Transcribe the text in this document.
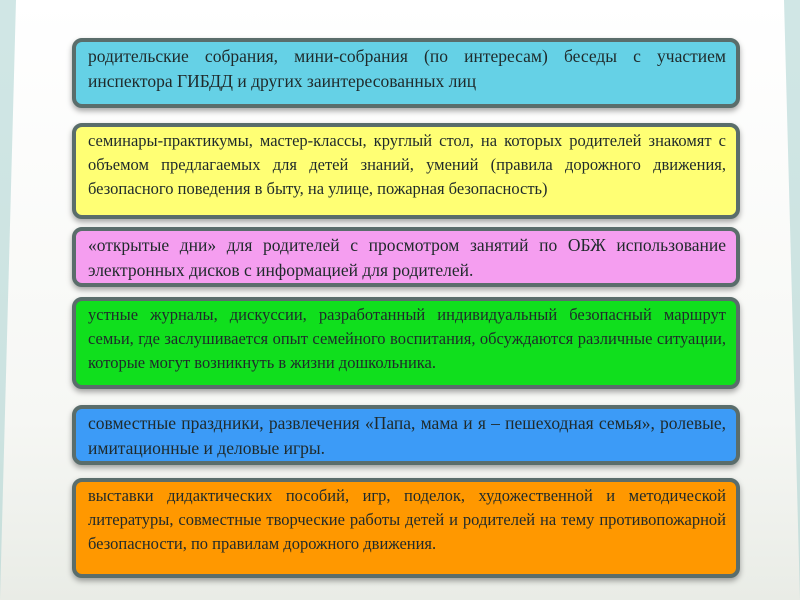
родительские собрания, мини-собрания (по интересам) беседы с участием инспектора ГИБДД и других заинтересованных лиц
семинары-практикумы, мастер-классы, круглый стол, на которых родителей знакомят с объемом предлагаемых для детей знаний, умений (правила дорожного движения, безопасного поведения в быту, на улице, пожарная безопасность)
«открытые дни» для родителей с просмотром занятий по ОБЖ использование электронных дисков с информацией для родителей.
устные журналы, дискуссии, разработанный индивидуальный безопасный маршрут семьи, где заслушивается опыт семейного воспитания, обсуждаются различные ситуации, которые могут возникнуть в жизни дошкольника.
совместные праздники, развлечения «Папа, мама и я – пешеходная семья», ролевые, имитационные и деловые игры.
выставки дидактических пособий, игр, поделок, художественной и методической литературы, совместные творческие работы детей и родителей на тему противопожарной безопасности, по правилам дорожного движения.
